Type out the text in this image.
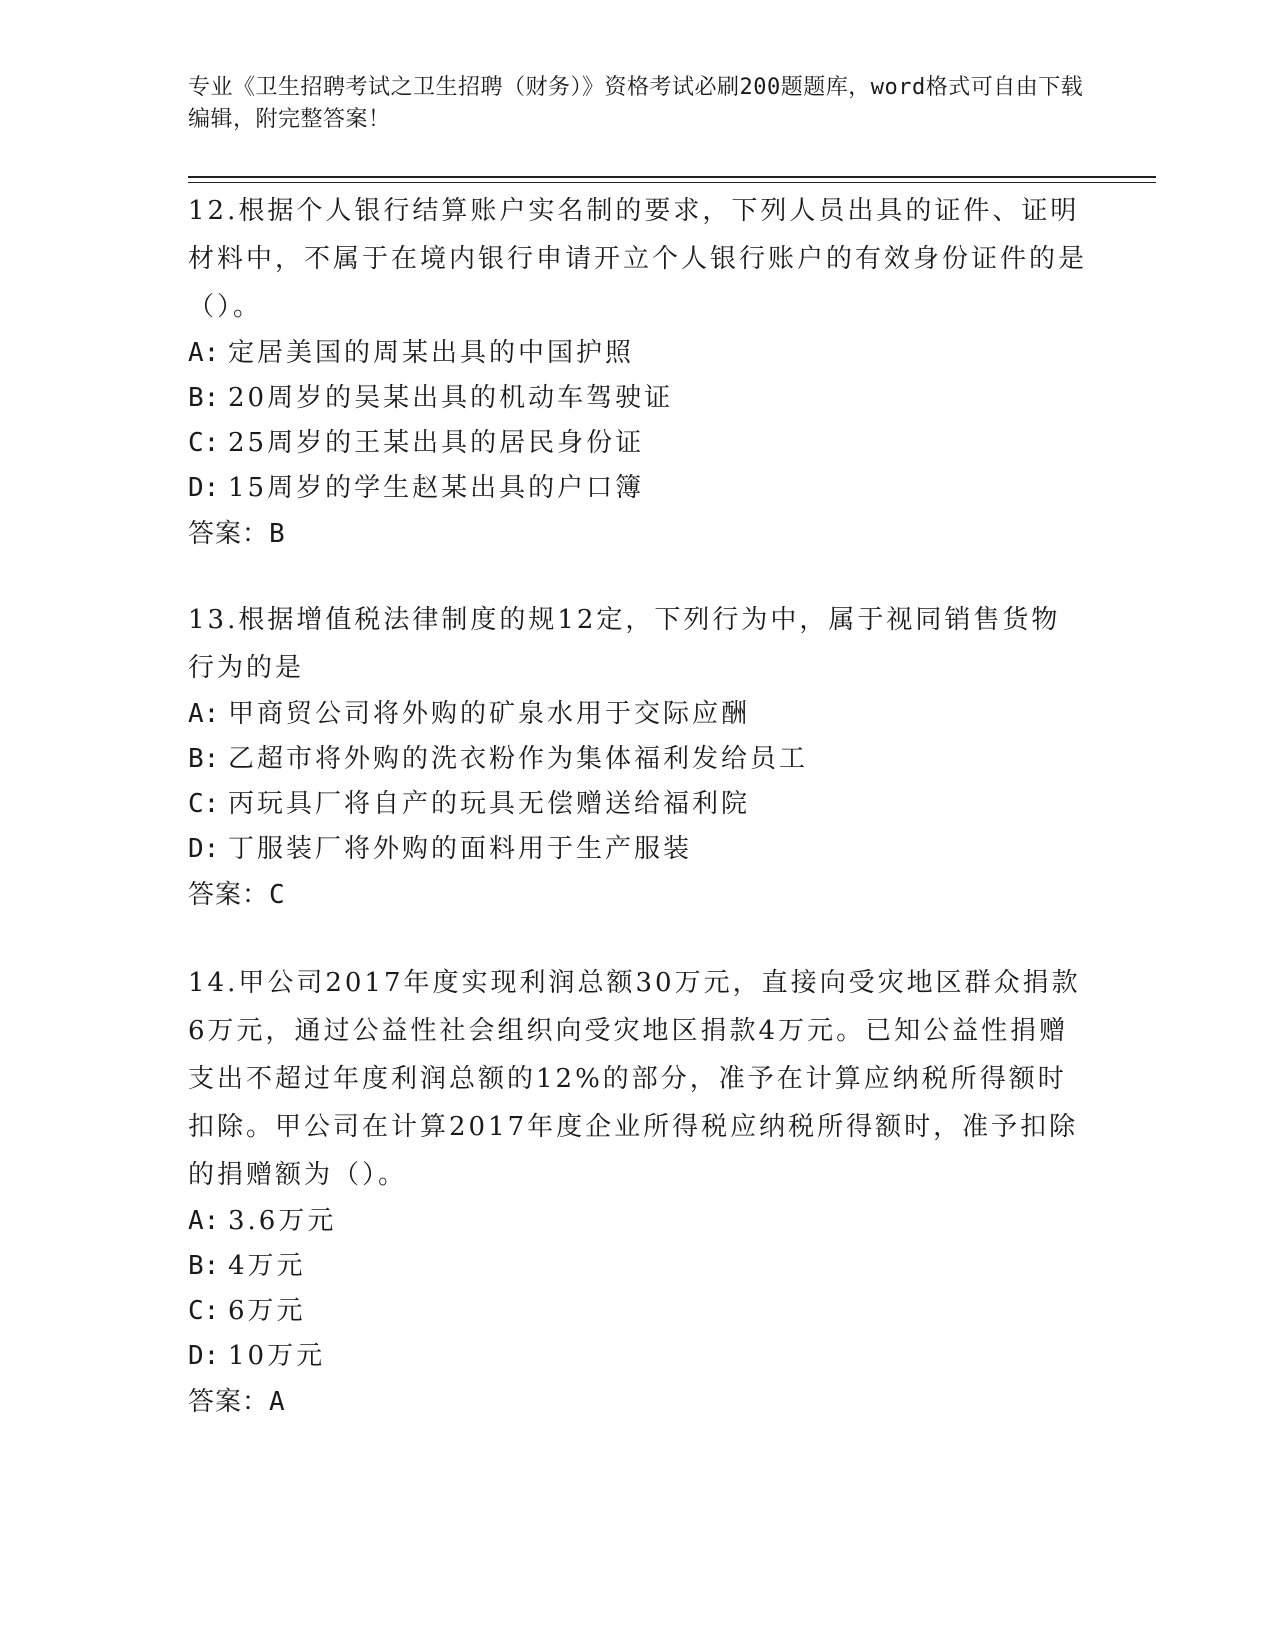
专业《卫生招聘考试之卫生招聘（财务）》资格考试必刷200题题库，word格式可自由下载编辑，附完整答案！
12.根据个人银行结算账户实名制的要求，下列人员出具的证件、证明材料中，不属于在境内银行申请开立个人银行账户的有效身份证件的是（）。
A: 定居美国的周某出具的中国护照
B: 20周岁的吴某出具的机动车驾驶证
C: 25周岁的王某出具的居民身份证
D: 15周岁的学生赵某出具的户口簿
答案：B
13.根据增值税法律制度的规12定，下列行为中，属于视同销售货物行为的是
A: 甲商贸公司将外购的矿泉水用于交际应酬
B: 乙超市将外购的洗衣粉作为集体福利发给员工
C: 丙玩具厂将自产的玩具无偿赠送给福利院
D: 丁服装厂将外购的面料用于生产服装
答案：C
14.甲公司2017年度实现利润总额30万元，直接向受灾地区群众捐款6万元，通过公益性社会组织向受灾地区捐款4万元。已知公益性捐赠支出不超过年度利润总额的12%的部分，准予在计算应纳税所得额时扣除。甲公司在计算2017年度企业所得税应纳税所得额时，准予扣除的捐赠额为（）。
A: 3.6万元
B: 4万元
C: 6万元
D: 10万元
答案：A
